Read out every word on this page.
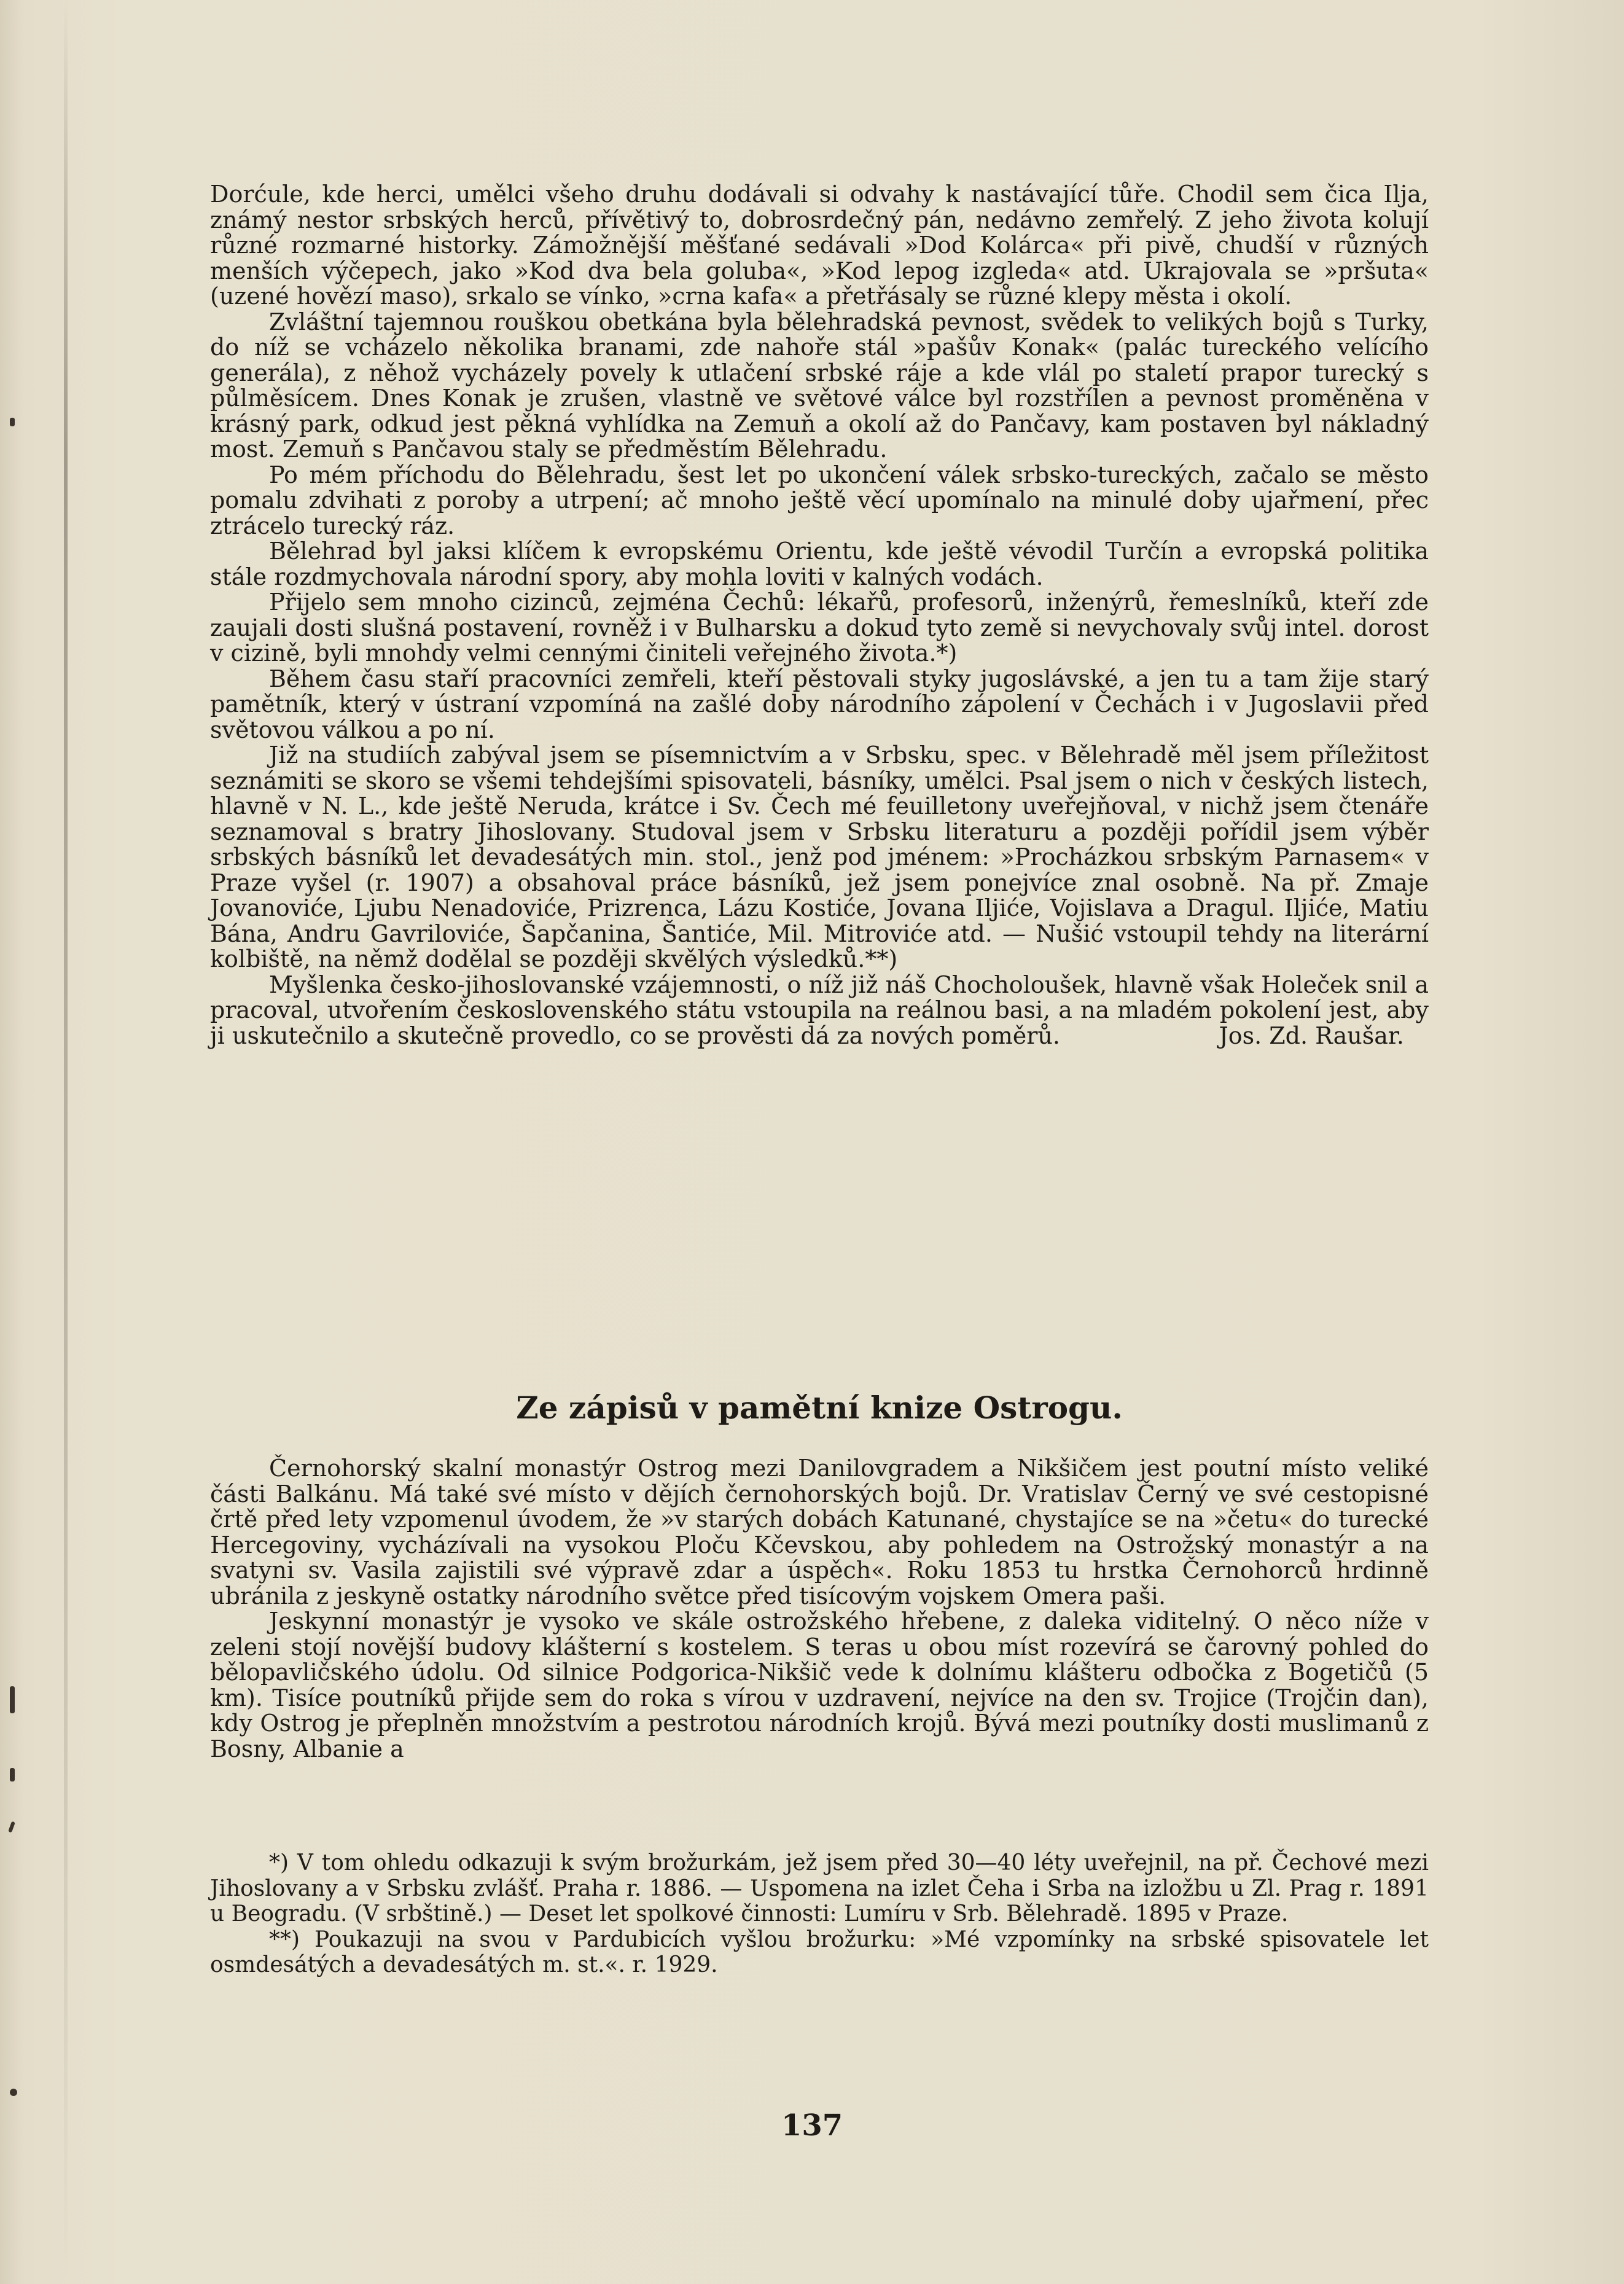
Dorćule, kde herci, umělci všeho druhu dodávali si odvahy k nastávající tůře. Chodil sem čica Ilja, známý nestor srbských herců, přívětivý to, dobrosrdečný pán, nedávno zemřelý. Z jeho života kolují různé rozmarné historky. Zámožnější měšťané sedávali »Dod Kolárca« při pivě, chudší v různých menších výčepech, jako »Kod dva bela goluba«, »Kod lepog izgleda« atd. Ukrajovala se »pršuta« (uzené hovězí maso), srkalo se vínko, »crna kafa« a přetřásaly se různé klepy města i okolí.

Zvláštní tajemnou rouškou obetkána byla bělehradská pevnost, svědek to velikých bojů s Turky, do níž se vcházelo několika branami, zde nahoře stál »pašův Konak« (palác tureckého velícího generála), z něhož vycházely povely k utlačení srbské ráje a kde vlál po staletí prapor turecký s půlměsícem. Dnes Konak je zrušen, vlastně ve světové válce byl rozstřílen a pevnost proměněna v krásný park, odkud jest pěkná vyhlídka na Zemuň a okolí až do Pančavy, kam postaven byl nákladný most. Zemuň s Pančavou staly se předměstím Bělehradu.

Po mém příchodu do Bělehradu, šest let po ukončení válek srbsko-tureckých, začalo se město pomalu zdvihati z poroby a utrpení; ač mnoho ještě věcí upomínalo na minulé doby ujařmení, přec ztrácelo turecký ráz.

Bělehrad byl jaksi klíčem k evropskému Orientu, kde ještě vévodil Turčín a evropská politika stále rozdmychovala národní spory, aby mohla loviti v kalných vodách.

Přijelo sem mnoho cizinců, zejména Čechů: lékařů, profesorů, inženýrů, řemeslníků, kteří zde zaujali dosti slušná postavení, rovněž i v Bulharsku a dokud tyto země si nevychovaly svůj intel. dorost v cizině, byli mnohdy velmi cennými činiteli veřejného života.*)

Během času staří pracovníci zemřeli, kteří pěstovali styky jugoslávské, a jen tu a tam žije starý pamětník, který v ústraní vzpomíná na zašlé doby národního zápolení v Čechách i v Jugoslavii před světovou válkou a po ní.

Již na studiích zabýval jsem se písemnictvím a v Srbsku, spec. v Bělehradě měl jsem příležitost seznámiti se skoro se všemi tehdejšími spisovateli, básníky, umělci. Psal jsem o nich v českých listech, hlavně v N. L., kde ještě Neruda, krátce i Sv. Čech mé feuilletony uveřejňoval, v nichž jsem čtenáře seznamoval s bratry Jihoslovany. Studoval jsem v Srbsku literaturu a později pořídil jsem výběr srbských básníků let devadesátých min. stol., jenž pod jménem: »Procházkou srbským Parnasem« v Praze vyšel (r. 1907) a obsahoval práce básníků, jež jsem ponejvíce znal osobně. Na př. Zmaje Jovanoviće, Ljubu Nenadoviće, Prizrenca, Lázu Kostiće, Jovana Iljiće, Vojislava a Dragul. Iljiće, Matiu Bána, Andru Gavriloviće, Šapčanina, Šantiće, Mil. Mitroviće atd. — Nušić vstoupil tehdy na literární kolbiště, na němž dodělal se později skvělých výsledků.**)

Myšlenka česko-jihoslovanské vzájemnosti, o níž již náš Chocholoušek, hlavně však Holeček snil a pracoval, utvořením československého státu vstoupila na reálnou basi, a na mladém pokolení jest, aby ji uskutečnilo a skutečně provedlo, co se prověsti dá za nových poměrů.	Jos. Zd. Raušar.
Ze zápisů v pamětní knize Ostrogu.

Černohorský skalní monastýr Ostrog mezi Danilovgradem a Nikšičem jest poutní místo veliké části Balkánu. Má také své místo v dějích černohorských bojů. Dr. Vratislav Černý ve své cestopisné črtě před lety vzpomenul úvodem, že »v starých dobách Katunané, chystajíce se na »četu« do turecké Hercegoviny, vycházívali na vysokou Ploču Kčevskou, aby pohledem na Ostrožský monastýr a na svatyni sv. Vasila zajistili své výpravě zdar a úspěch«. Roku 1853 tu hrstka Černohorců hrdinně ubránila z jeskyně ostatky národního světce před tisícovým vojskem Omera paši.

Jeskynní monastýr je vysoko ve skále ostrožského hřebene, z daleka viditelný. O něco níže v zeleni stojí novější budovy klášterní s kostelem. S teras u obou míst rozevírá se čarovný pohled do bělopavličského údolu. Od silnice Podgorica-Nikšič vede k dolnímu klášteru odbočka z Bogetičů (5 km). Tisíce poutníků přijde sem do roka s vírou v uzdravení, nejvíce na den sv. Trojice (Trojčin dan), kdy Ostrog je přeplněn množstvím a pestrotou národních krojů. Bývá mezi poutníky dosti muslimanů z Bosny, Albanie a

*) V tom ohledu odkazuji k svým brožurkám, jež jsem před 30—40 léty uveřejnil, na př. Čechové mezi Jihoslovany a v Srbsku zvlášť. Praha r. 1886. — Uspomena na izlet Čeha i Srba na izložbu u Zl. Prag r. 1891 u Beogradu. (V srbštině.) — Deset let spolkové činnosti: Lumíru v Srb. Bělehradě. 1895 v Praze.

**) Poukazuji na svou v Pardubicích vyšlou brožurku: »Mé vzpomínky na srbské spisovatele let osmdesátých a devadesátých m. st.«. r. 1929.

137
